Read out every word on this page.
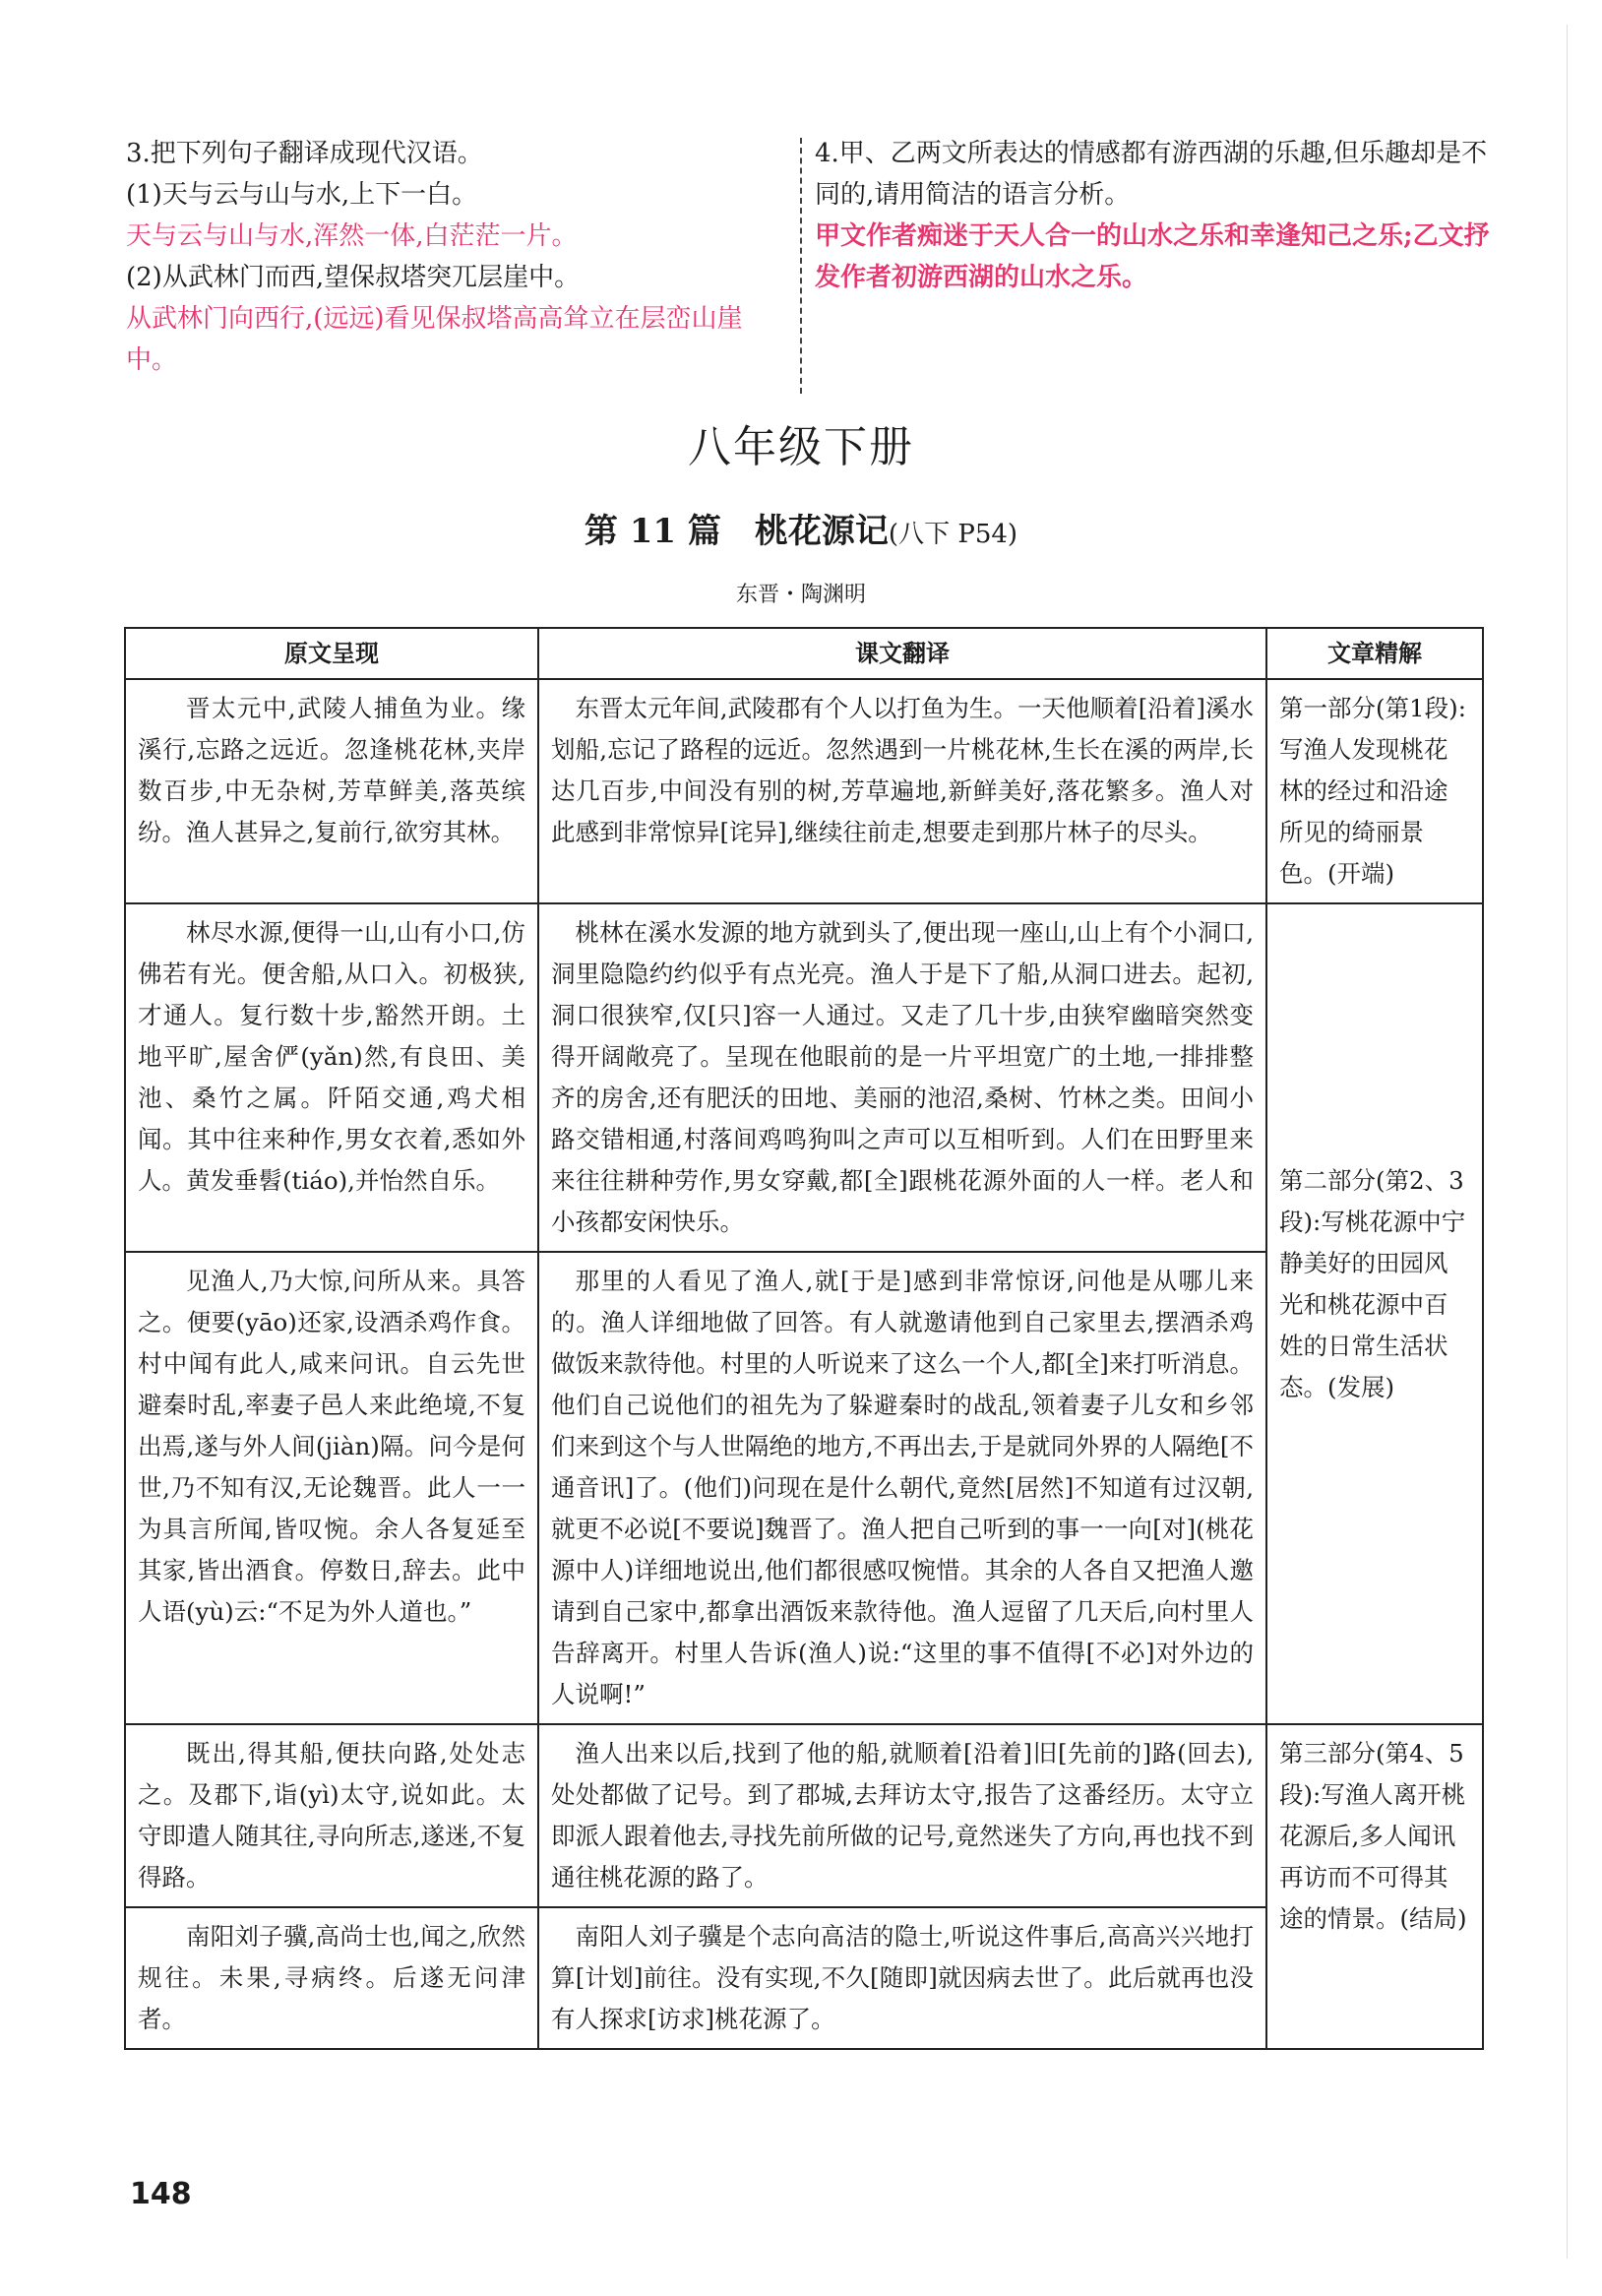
3.把下列句子翻译成现代汉语。

(1)天与云与山与水,上下一白。

天与云与山与水,浑然一体,白茫茫一片。

(2)从武林门而西,望保叔塔突兀层崖中。

从武林门向西行,(远远)看见保叔塔高高耸立在层峦山崖中。

4.甲、乙两文所表达的情感都有游西湖的乐趣,但乐趣却是不同的,请用简洁的语言分析。

甲文作者痴迷于天人合一的山水之乐和幸逢知己之乐;乙文抒发作者初游西湖的山水之乐。

八年级下册
第 11 篇　桃花源记(八下 P54)
东晋・陶渊明
原文呈现	课文翻译	文章精解
晋太元中,武陵人捕鱼为业。缘溪行,忘路之远近。忽逢桃花林,夹岸数百步,中无杂树,芳草鲜美,落英缤纷。渔人甚异之,复前行,欲穷其林。	东晋太元年间,武陵郡有个人以打鱼为生。一天他顺着[沿着]溪水划船,忘记了路程的远近。忽然遇到一片桃花林,生长在溪的两岸,长达几百步,中间没有别的树,芳草遍地,新鲜美好,落花繁多。渔人对此感到非常惊异[诧异],继续往前走,想要走到那片林子的尽头。	第一部分(第1段):写渔人发现桃花林的经过和沿途所见的绮丽景色。(开端)
林尽水源,便得一山,山有小口,仿佛若有光。便舍船,从口入。初极狭,才通人。复行数十步,豁然开朗。土地平旷,屋舍俨(yǎn)然,有良田、美池、桑竹之属。阡陌交通,鸡犬相闻。其中往来种作,男女衣着,悉如外人。黄发垂髫(tiáo),并怡然自乐。	桃林在溪水发源的地方就到头了,便出现一座山,山上有个小洞口,洞里隐隐约约似乎有点光亮。渔人于是下了船,从洞口进去。起初,洞口很狭窄,仅[只]容一人通过。又走了几十步,由狭窄幽暗突然变得开阔敞亮了。呈现在他眼前的是一片平坦宽广的土地,一排排整齐的房舍,还有肥沃的田地、美丽的池沼,桑树、竹林之类。田间小路交错相通,村落间鸡鸣狗叫之声可以互相听到。人们在田野里来来往往耕种劳作,男女穿戴,都[全]跟桃花源外面的人一样。老人和小孩都安闲快乐。	第二部分(第2、3段):写桃花源中宁静美好的田园风光和桃花源中百姓的日常生活状态。(发展)

见渔人,乃大惊,问所从来。具答之。便要(yāo)还家,设酒杀鸡作食。村中闻有此人,咸来问讯。自云先世避秦时乱,率妻子邑人来此绝境,不复出焉,遂与外人间(jiàn)隔。问今是何世,乃不知有汉,无论魏晋。此人一一为具言所闻,皆叹惋。余人各复延至其家,皆出酒食。停数日,辞去。此中人语(yù)云:“不足为外人道也。”	那里的人看见了渔人,就[于是]感到非常惊讶,问他是从哪儿来的。渔人详细地做了回答。有人就邀请他到自己家里去,摆酒杀鸡做饭来款待他。村里的人听说来了这么一个人,都[全]来打听消息。他们自己说他们的祖先为了躲避秦时的战乱,领着妻子儿女和乡邻们来到这个与人世隔绝的地方,不再出去,于是就同外界的人隔绝[不通音讯]了。(他们)问现在是什么朝代,竟然[居然]不知道有过汉朝,就更不必说[不要说]魏晋了。渔人把自己听到的事一一向[对](桃花源中人)详细地说出,他们都很感叹惋惜。其余的人各自又把渔人邀请到自己家中,都拿出酒饭来款待他。渔人逗留了几天后,向村里人告辞离开。村里人告诉(渔人)说:“这里的事不值得[不必]对外边的人说啊!”	
既出,得其船,便扶向路,处处志之。及郡下,诣(yì)太守,说如此。太守即遣人随其往,寻向所志,遂迷,不复得路。	渔人出来以后,找到了他的船,就顺着[沿着]旧[先前的]路(回去),处处都做了记号。到了郡城,去拜访太守,报告了这番经历。太守立即派人跟着他去,寻找先前所做的记号,竟然迷失了方向,再也找不到通往桃花源的路了。	第三部分(第4、5段):写渔人离开桃花源后,多人闻讯再访而不可得其途的情景。(结局)
南阳刘子骥,高尚士也,闻之,欣然规往。未果,寻病终。后遂无问津者。	南阳人刘子骥是个志向高洁的隐士,听说这件事后,高高兴兴地打算[计划]前往。没有实现,不久[随即]就因病去世了。此后就再也没有人探求[访求]桃花源了。	
148
